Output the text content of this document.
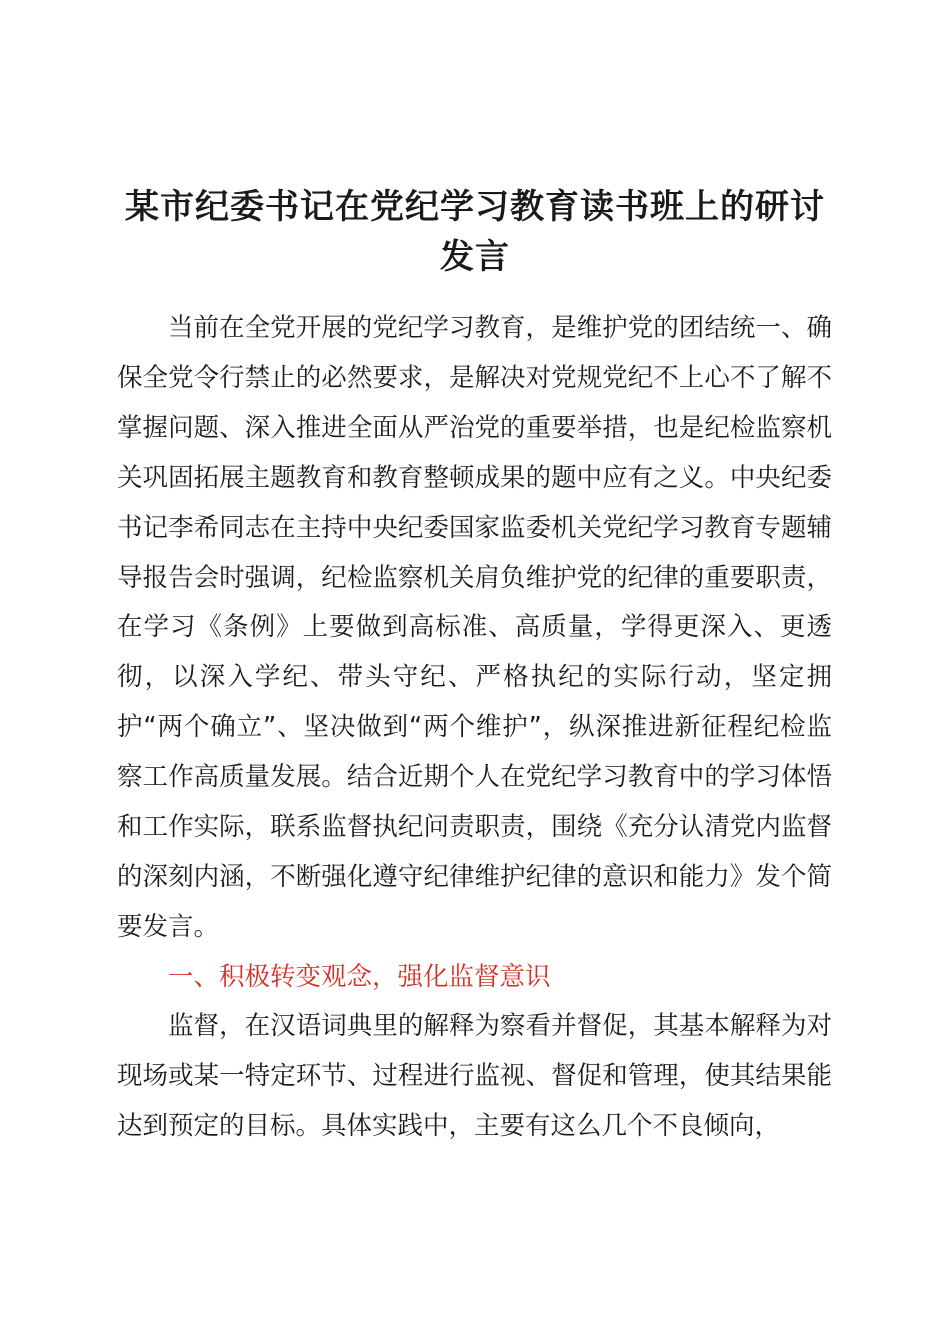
某市纪委书记在党纪学习教育读书班上的研讨
发言

当前在全党开展的党纪学习教育，是维护党的团结统一、确保全党令行禁止的必然要求，是解决对党规党纪不上心不了解不掌握问题、深入推进全面从严治党的重要举措，也是纪检监察机关巩固拓展主题教育和教育整顿成果的题中应有之义。中央纪委书记李希同志在主持中央纪委国家监委机关党纪学习教育专题辅导报告会时强调，纪检监察机关肩负维护党的纪律的重要职责，在学习《条例》上要做到高标准、高质量，学得更深入、更透彻，以深入学纪、带头守纪、严格执纪的实际行动，坚定拥护“两个确立”、坚决做到“两个维护”，纵深推进新征程纪检监察工作高质量发展。结合近期个人在党纪学习教育中的学习体悟和工作实际，联系监督执纪问责职责，围绕《充分认清党内监督的深刻内涵，不断强化遵守纪律维护纪律的意识和能力》发个简要发言。

一、积极转变观念，强化监督意识

监督，在汉语词典里的解释为察看并督促，其基本解释为对现场或某一特定环节、过程进行监视、督促和管理，使其结果能达到预定的目标。具体实践中，主要有这么几个不良倾向，
